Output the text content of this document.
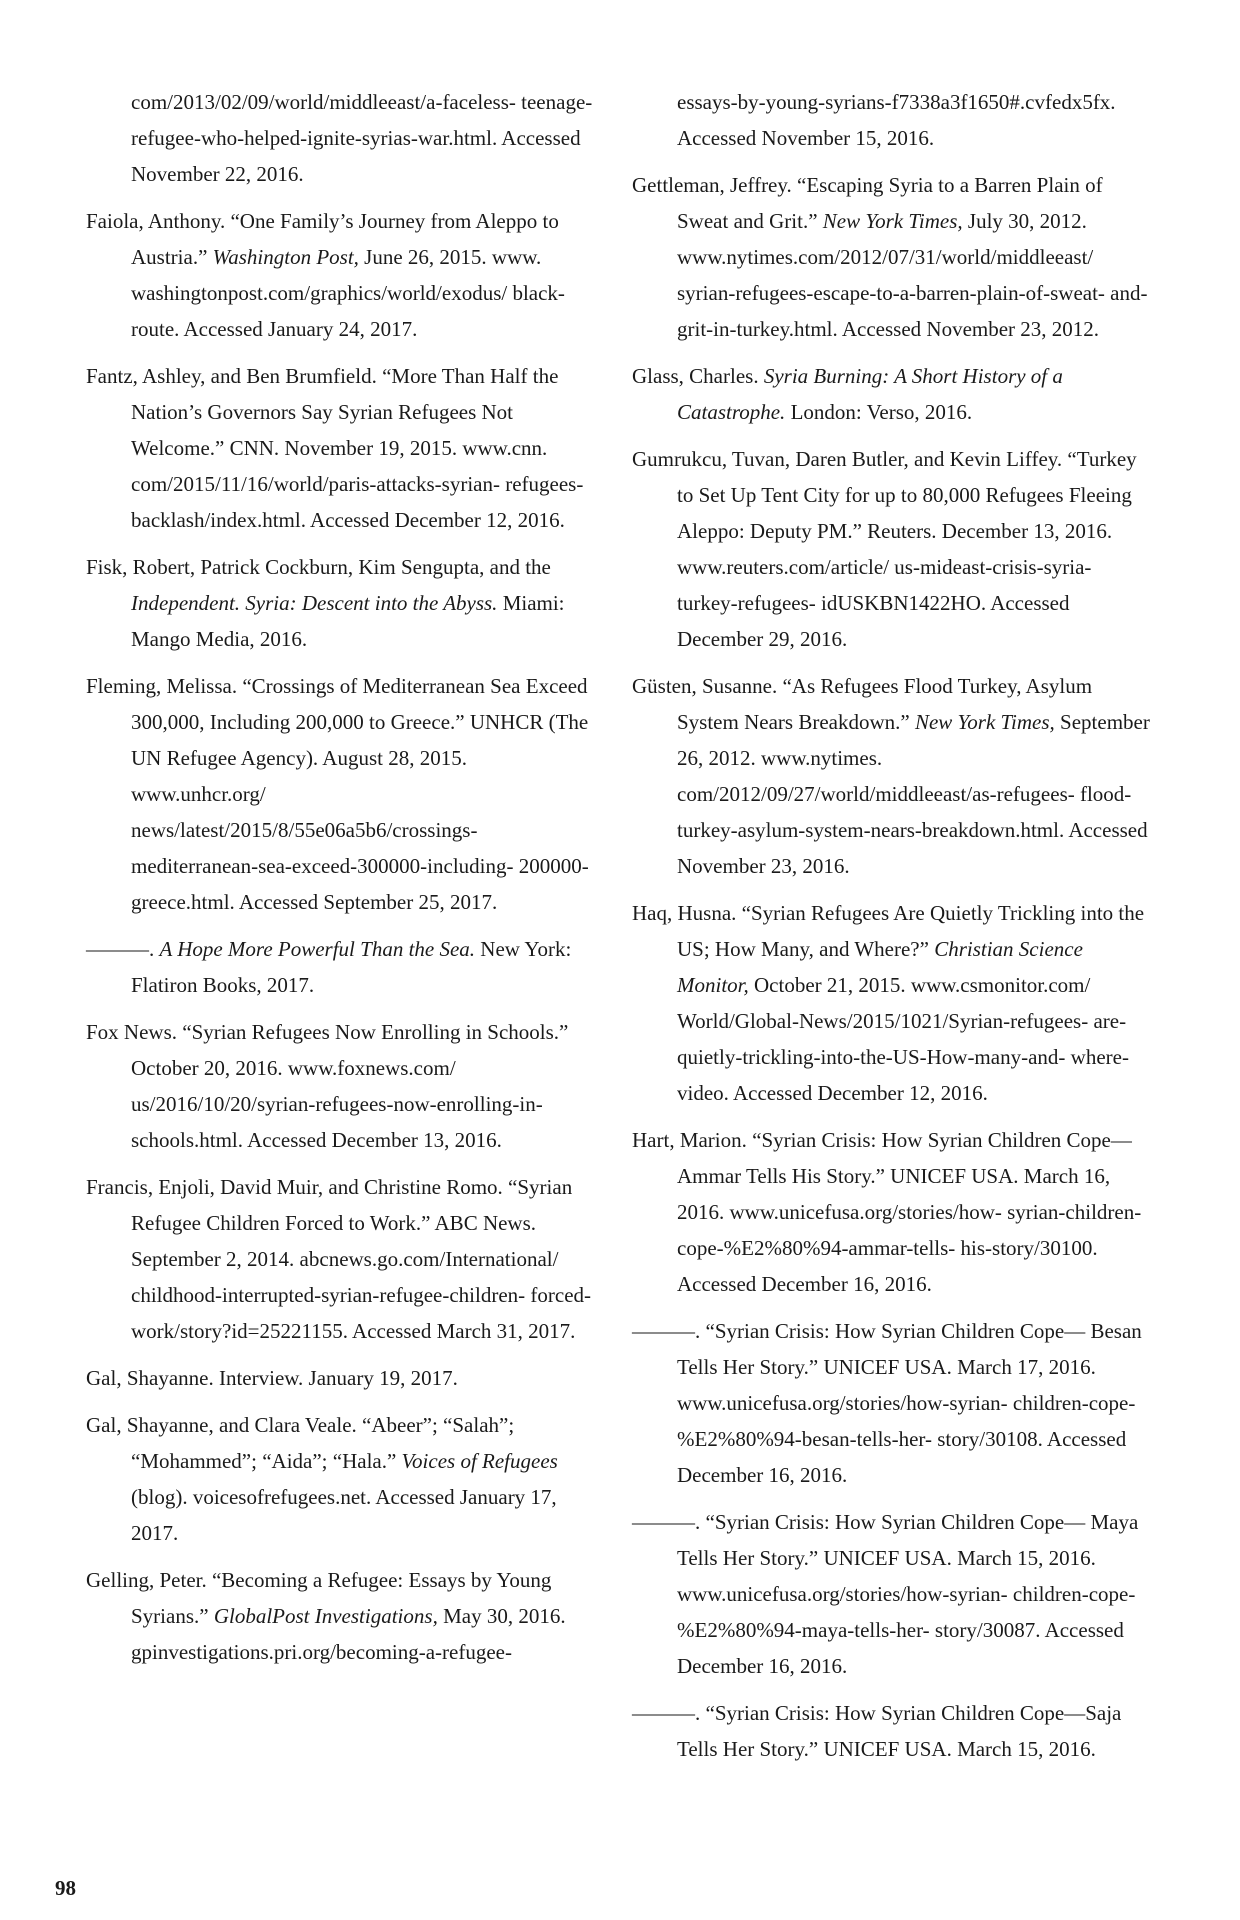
com/2013/02/09/world/middleeast/a-faceless- teenage-refugee-who-helped-ignite-syrias-war.html. Accessed November 22, 2016.

Faiola, Anthony. “One Family’s Journey from Aleppo to Austria.” Washington Post, June 26, 2015. www. washingtonpost.com/graphics/world/exodus/ black-route. Accessed January 24, 2017.

Fantz, Ashley, and Ben Brumfield. “More Than Half the Nation’s Governors Say Syrian Refugees Not Welcome.” CNN. November 19, 2015. www.cnn. com/2015/11/16/world/paris-attacks-syrian- refugees-backlash/index.html. Accessed December 12, 2016.

Fisk, Robert, Patrick Cockburn, Kim Sengupta, and the Independent. Syria: Descent into the Abyss. Miami: Mango Media, 2016.

Fleming, Melissa. “Crossings of Mediterranean Sea Exceed 300,000, Including 200,000 to Greece.” UNHCR (The UN Refugee Agency). August 28, 2015. www.unhcr.org/ news/latest/2015/8/55e06a5b6/crossings- mediterranean-sea-exceed-300000-including- 200000-greece.html. Accessed September 25, 2017.

———. A Hope More Powerful Than the Sea. New York: Flatiron Books, 2017.

Fox News. “Syrian Refugees Now Enrolling in Schools.” October 20, 2016. www.foxnews.com/ us/2016/10/20/syrian-refugees-now-enrolling-in- schools.html. Accessed December 13, 2016.

Francis, Enjoli, David Muir, and Christine Romo. “Syrian Refugee Children Forced to Work.” ABC News. September 2, 2014. abcnews.go.com/International/ childhood-interrupted-syrian-refugee-children- forced-work/story?id=25221155. Accessed March 31, 2017.

Gal, Shayanne. Interview. January 19, 2017.

Gal, Shayanne, and Clara Veale. “Abeer”; “Salah”; “Mohammed”; “Aida”; “Hala.” Voices of Refugees (blog). voicesofrefugees.net. Accessed January 17, 2017.

Gelling, Peter. “Becoming a Refugee: Essays by Young Syrians.” GlobalPost Investigations, May 30, 2016. gpinvestigations.pri.org/becoming-a-refugee-

essays-by-young-syrians-f7338a3f1650#.cvfedx5fx. Accessed November 15, 2016.

Gettleman, Jeffrey. “Escaping Syria to a Barren Plain of Sweat and Grit.” New York Times, July 30, 2012. www.nytimes.com/2012/07/31/world/middleeast/ syrian-refugees-escape-to-a-barren-plain-of-sweat- and-grit-in-turkey.html. Accessed November 23, 2012.

Glass, Charles. Syria Burning: A Short History of a Catastrophe. London: Verso, 2016.

Gumrukcu, Tuvan, Daren Butler, and Kevin Liffey. “Turkey to Set Up Tent City for up to 80,000 Refugees Fleeing Aleppo: Deputy PM.” Reuters. December 13, 2016. www.reuters.com/article/ us-mideast-crisis-syria-turkey-refugees- idUSKBN1422HO. Accessed December 29, 2016.

Güsten, Susanne. “As Refugees Flood Turkey, Asylum System Nears Breakdown.” New York Times, September 26, 2012. www.nytimes. com/2012/09/27/world/middleeast/as-refugees- flood-turkey-asylum-system-nears-breakdown.html. Accessed November 23, 2016.

Haq, Husna. “Syrian Refugees Are Quietly Trickling into the US; How Many, and Where?” Christian Science Monitor, October 21, 2015. www.csmonitor.com/ World/Global-News/2015/1021/Syrian-refugees- are-quietly-trickling-into-the-US-How-many-and- where-video. Accessed December 12, 2016.

Hart, Marion. “Syrian Crisis: How Syrian Children Cope—Ammar Tells His Story.” UNICEF USA. March 16, 2016. www.unicefusa.org/stories/how- syrian-children-cope-%E2%80%94-ammar-tells- his-story/30100. Accessed December 16, 2016.

———. “Syrian Crisis: How Syrian Children Cope— Besan Tells Her Story.” UNICEF USA. March 17, 2016. www.unicefusa.org/stories/how-syrian- children-cope-%E2%80%94-besan-tells-her- story/30108. Accessed December 16, 2016.

———. “Syrian Crisis: How Syrian Children Cope— Maya Tells Her Story.” UNICEF USA. March 15, 2016. www.unicefusa.org/stories/how-syrian- children-cope-%E2%80%94-maya-tells-her- story/30087. Accessed December 16, 2016.

———. “Syrian Crisis: How Syrian Children Cope—Saja Tells Her Story.” UNICEF USA. March 15, 2016.

98
